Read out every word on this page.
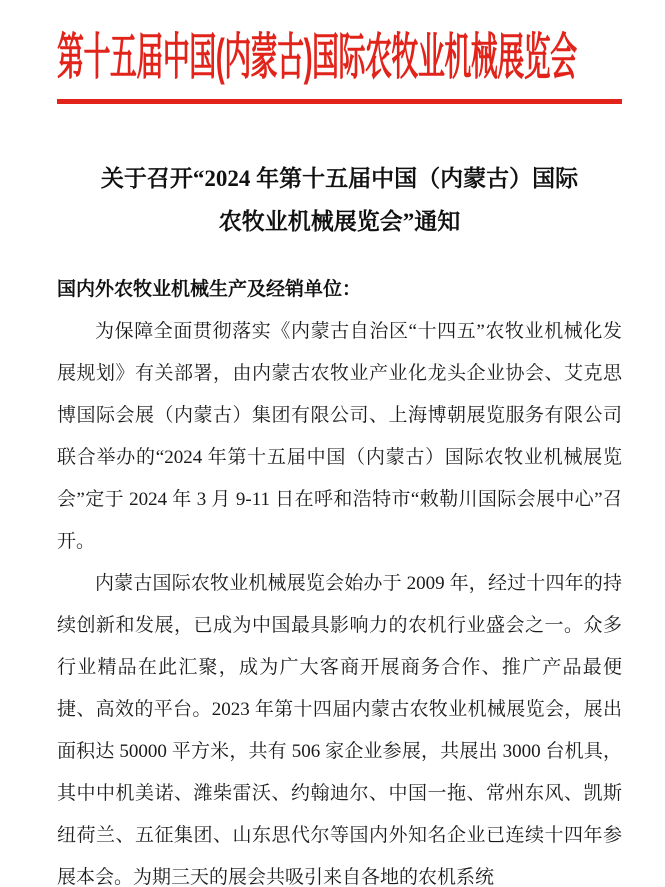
第十五届中国(内蒙古)国际农牧业机械展览会
关于召开“2024 年第十五届中国（内蒙古）国际
农牧业机械展览会”通知

国内外农牧业机械生产及经销单位：

为保障全面贯彻落实《内蒙古自治区“十四五”农牧业机械化发展规划》有关部署，由内蒙古农牧业产业化龙头企业协会、艾克思博国际会展（内蒙古）集团有限公司、上海博朝展览服务有限公司联合举办的“2024 年第十五届中国（内蒙古）国际农牧业机械展览会”定于 2024 年 3 月 9-11 日在呼和浩特市“敕勒川国际会展中心”召开。

内蒙古国际农牧业机械展览会始办于 2009 年，经过十四年的持续创新和发展，已成为中国最具影响力的农机行业盛会之一。众多行业精品在此汇聚，成为广大客商开展商务合作、推广产品最便捷、高效的平台。2023 年第十四届内蒙古农牧业机械展览会，展出面积达 50000 平方米，共有 506 家企业参展，共展出 3000 台机具，其中中机美诺、潍柴雷沃、约翰迪尔、中国一拖、常州东风、凯斯纽荷兰、五征集团、山东思代尔等国内外知名企业已连续十四年参展本会。为期三天的展会共吸引来自各地的农机系统
